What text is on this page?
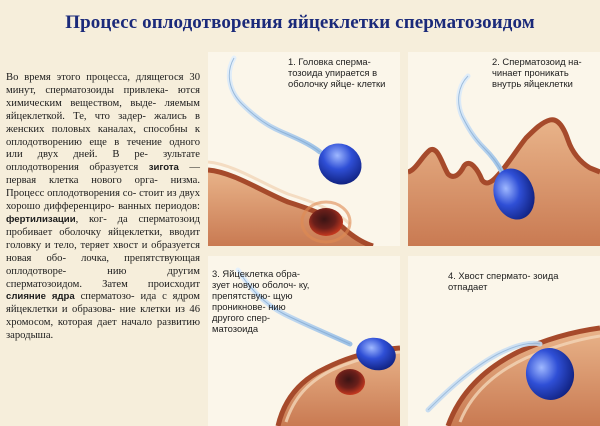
Процесс оплодотворения яйцеклетки сперматозоидом
Во время этого процесса, длящегося 30 минут, сперматозоиды привлека- ются химическим веществом, выде- ляемым яйцеклеткой. Те, что задер- жались в женских половых каналах, способны к оплодотворению еще в течение одного или двух дней. В ре- зультате оплодотворения образуется зигота — первая клетка нового орга- низма. Процесс оплодотворения со- стоит из двух хорошо дифференциро- ванных периодов: фертилизации, ког- да сперматозоид пробивает оболочку яйцеклетки, вводит головку и тело, теряет хвост и образуется новая обо- лочка, препятствующая оплодотворе- нию другим сперматозоидом. Затем происходит слияние ядра сперматозо- ида с ядром яйцеклетки и образова- ние клетки из 46 хромосом, которая дает начало развитию зародыша.
1. Головка сперма- тозоида упирается в оболочку яйцe- клетки
2. Сперматозоид на- чинает проникать внутрь яйцеклетки
3. Яйцеклетка обра- зует новую оболоч- ку, препятствую- щую проникнове- нию другого спер- матозоида
4. Хвост спермато- зоида отпадает
